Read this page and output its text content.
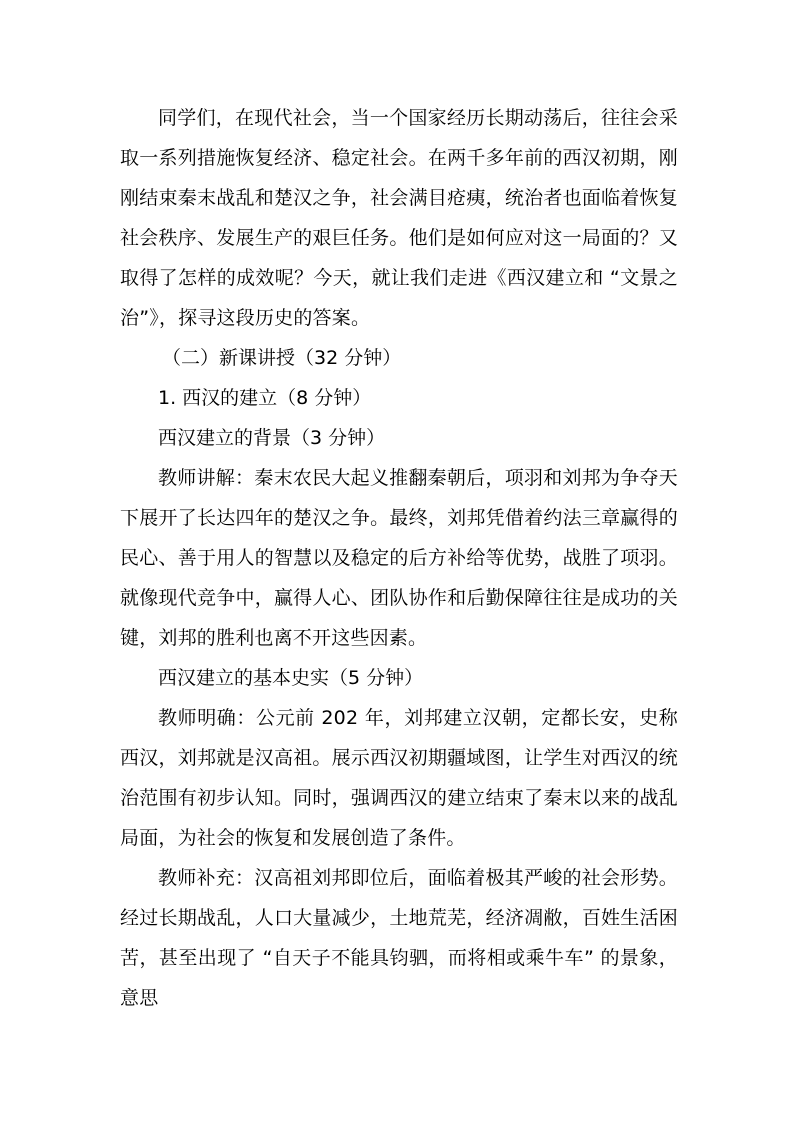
同学们，在现代社会，当一个国家经历长期动荡后，往往会采取一系列措施恢复经济、稳定社会。在两千多年前的西汉初期，刚刚结束秦末战乱和楚汉之争，社会满目疮痍，统治者也面临着恢复社会秩序、发展生产的艰巨任务。他们是如何应对这一局面的？又取得了怎样的成效呢？今天，就让我们走进《西汉建立和 “文景之治”》，探寻这段历史的答案。

（二）新课讲授（32 分钟）

1. 西汉的建立（8 分钟）

西汉建立的背景（3 分钟）

教师讲解：秦末农民大起义推翻秦朝后，项羽和刘邦为争夺天下展开了长达四年的楚汉之争。最终，刘邦凭借着约法三章赢得的民心、善于用人的智慧以及稳定的后方补给等优势，战胜了项羽。就像现代竞争中，赢得人心、团队协作和后勤保障往往是成功的关键，刘邦的胜利也离不开这些因素。

西汉建立的基本史实（5 分钟）

教师明确：公元前 202 年，刘邦建立汉朝，定都长安，史称西汉，刘邦就是汉高祖。展示西汉初期疆域图，让学生对西汉的统治范围有初步认知。同时，强调西汉的建立结束了秦末以来的战乱局面，为社会的恢复和发展创造了条件。

教师补充：汉高祖刘邦即位后，面临着极其严峻的社会形势。经过长期战乱，人口大量减少，土地荒芜，经济凋敝，百姓生活困苦，甚至出现了 “自天子不能具钧驷，而将相或乘牛车” 的景象，意思
